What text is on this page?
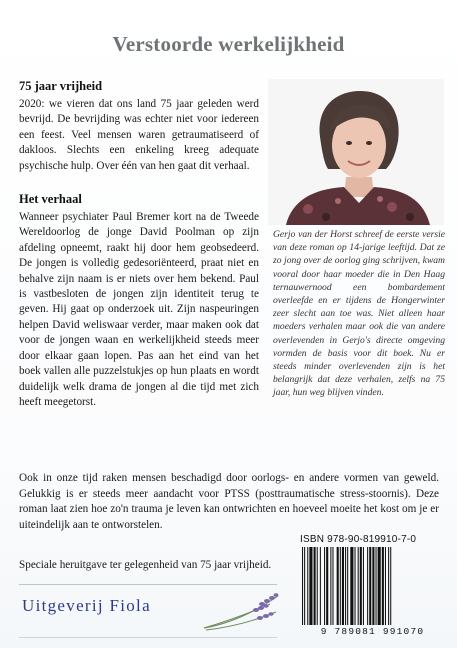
Verstoorde werkelijkheid
75 jaar vrijheid

2020: we vieren dat ons land 75 jaar geleden werd bevrijd. De bevrijding was echter niet voor iedereen een feest. Veel mensen waren getraumatiseerd of dakloos. Slechts een enkeling kreeg adequate psychische hulp. Over één van hen gaat dit verhaal.

Het verhaal

Wanneer psychiater Paul Bremer kort na de Tweede Wereldoorlog de jonge David Poolman op zijn afdeling opneemt, raakt hij door hem geobsedeerd. De jongen is volledig gedesoriënteerd, praat niet en behalve zijn naam is er niets over hem bekend. Paul is vastbesloten de jongen zijn identiteit terug te geven. Hij gaat op onderzoek uit. Zijn naspeuringen helpen David weliswaar verder, maar maken ook dat voor de jongen waan en werkelijkheid steeds meer door elkaar gaan lopen. Pas aan het eind van het boek vallen alle puzzelstukjes op hun plaats en wordt duidelijk welk drama de jongen al die tijd met zich heeft meegetorst.

Gerjo van der Horst schreef de eerste versie van deze roman op 14-jarige leeftijd. Dat ze zo jong over de oorlog ging schrijven, kwam vooral door haar moeder die in Den Haag ternauwernood een bombardement overleefde en er tijdens de Hongerwinter zeer slecht aan toe was. Niet alleen haar moeders verhalen maar ook die van andere overlevenden in Gerjo's directe omgeving vormden de basis voor dit boek. Nu er steeds minder overlevenden zijn is het belangrijk dat deze verhalen, zelfs na 75 jaar, hun weg blijven vinden.

Ook in onze tijd raken mensen beschadigd door oorlogs- en andere vormen van geweld. Gelukkig is er steeds meer aandacht voor PTSS (posttraumatische stress-stoornis). Deze roman laat zien hoe zo'n trauma je leven kan ontwrichten en hoeveel moeite het kost om je er uiteindelijk aan te ontworstelen.

ISBN 978-90-819910-7-0
9 789081 991070
Speciale heruitgave ter gelegenheid van 75 jaar vrijheid.
Uitgeverij Fiola
